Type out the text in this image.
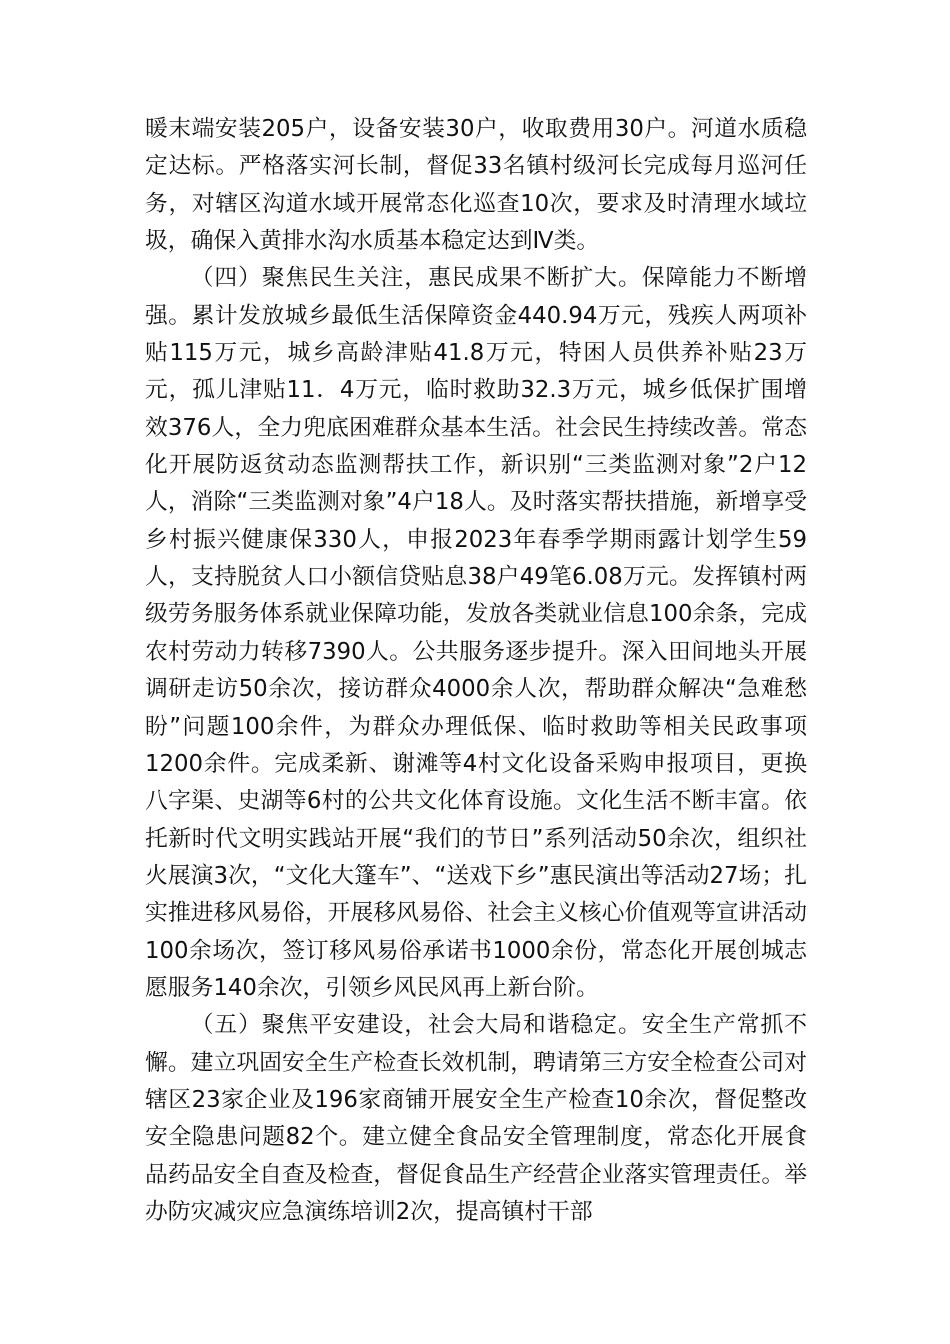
暖末端安装205户，设备安装30户，收取费用30户。河道水质稳定达标。严格落实河长制，督促33名镇村级河长完成每月巡河任务，对辖区沟道水域开展常态化巡查10次，要求及时清理水域垃圾，确保入黄排水沟水质基本稳定达到Ⅳ类。

（四）聚焦民生关注，惠民成果不断扩大。保障能力不断增强。累计发放城乡最低生活保障资金440.94万元，残疾人两项补贴115万元，城乡高龄津贴41.8万元，特困人员供养补贴23万元，孤儿津贴11．4万元，临时救助32.3万元，城乡低保扩围增效376人，全力兜底困难群众基本生活。社会民生持续改善。常态化开展防返贫动态监测帮扶工作，新识别“三类监测对象”2户12人，消除“三类监测对象”4户18人。及时落实帮扶措施，新增享受乡村振兴健康保330人，申报2023年春季学期雨露计划学生59人，支持脱贫人口小额信贷贴息38户49笔6.08万元。发挥镇村两级劳务服务体系就业保障功能，发放各类就业信息100余条，完成农村劳动力转移7390人。公共服务逐步提升。深入田间地头开展调研走访50余次，接访群众4000余人次，帮助群众解决“急难愁盼”问题100余件，为群众办理低保、临时救助等相关民政事项1200余件。完成柔新、谢滩等4村文化设备采购申报项目，更换八字渠、史湖等6村的公共文化体育设施。文化生活不断丰富。依托新时代文明实践站开展“我们的节日”系列活动50余次，组织社火展演3次，“文化大篷车”、“送戏下乡”惠民演出等活动27场；扎实推进移风易俗，开展移风易俗、社会主义核心价值观等宣讲活动100余场次，签订移风易俗承诺书1000余份，常态化开展创城志愿服务140余次，引领乡风民风再上新台阶。

（五）聚焦平安建设，社会大局和谐稳定。安全生产常抓不懈。建立巩固安全生产检查长效机制，聘请第三方安全检查公司对辖区23家企业及196家商铺开展安全生产检查10余次，督促整改安全隐患问题82个。建立健全食品安全管理制度，常态化开展食品药品安全自查及检查，督促食品生产经营企业落实管理责任。举办防灾减灾应急演练培训2次，提高镇村干部
